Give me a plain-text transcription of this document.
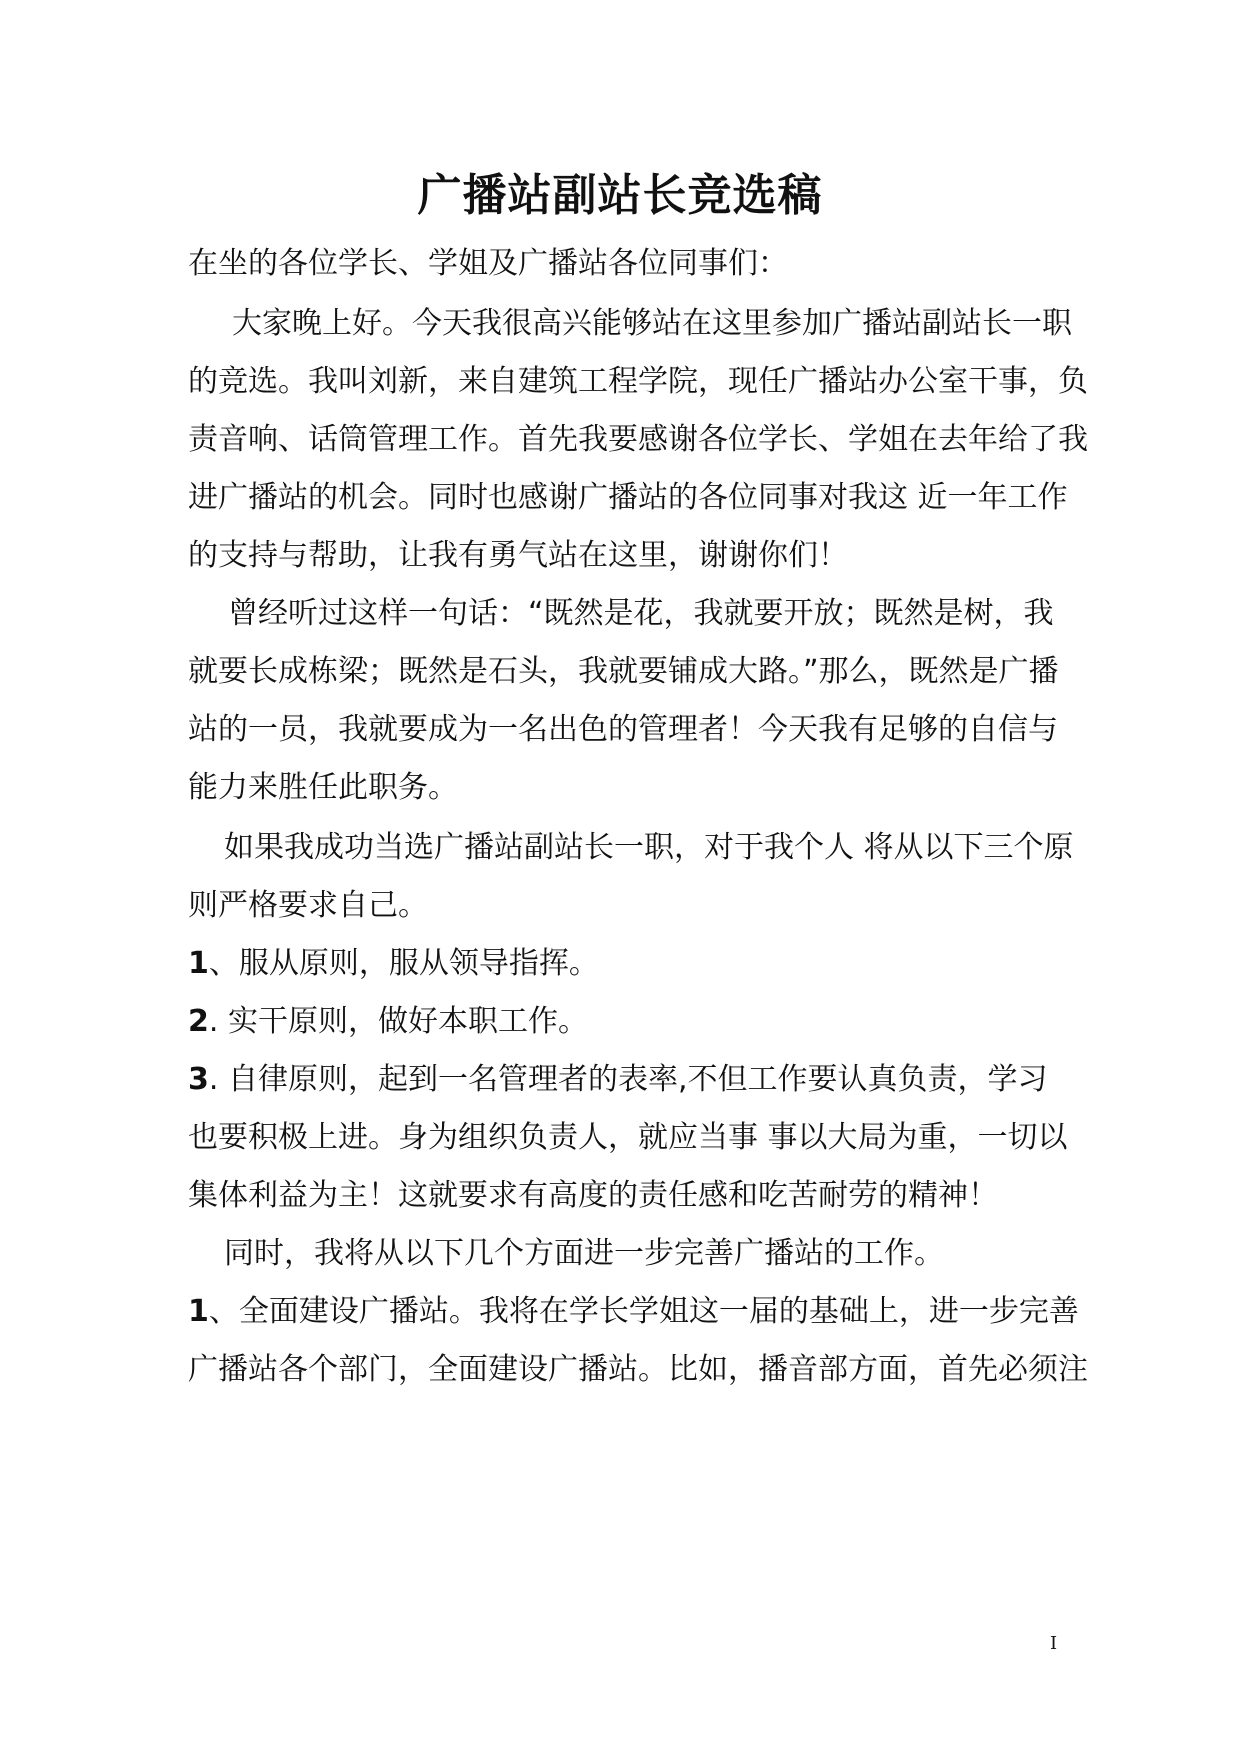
广播站副站长竞选稿

在坐的各位学长、学姐及广播站各位同事们：

大家晚上好。今天我很高兴能够站在这里参加广播站副站长一职

的竞选。我叫刘新，来自建筑工程学院，现任广播站办公室干事，负

责音响、话筒管理工作。首先我要感谢各位学长、学姐在去年给了我

进广播站的机会。同时也感谢广播站的各位同事对我这 近一年工作

的支持与帮助，让我有勇气站在这里，谢谢你们！

曾经听过这样一句话：“既然是花，我就要开放；既然是树，我

就要长成栋梁；既然是石头，我就要铺成大路。”那么，既然是广播

站的一员，我就要成为一名出色的管理者！今天我有足够的自信与

能力来胜任此职务。

如果我成功当选广播站副站长一职，对于我个人 将从以下三个原

则严格要求自己。

1、服从原则，服从领导指挥。

2. 实干原则，做好本职工作。

3. 自律原则，起到一名管理者的表率,不但工作要认真负责，学习

也要积极上进。身为组织负责人，就应当事 事以大局为重，一切以

集体利益为主！这就要求有高度的责任感和吃苦耐劳的精神！

同时，我将从以下几个方面进一步完善广播站的工作。

1、全面建设广播站。我将在学长学姐这一届的基础上，进一步完善

广播站各个部门，全面建设广播站。比如，播音部方面，首先必须注

I
